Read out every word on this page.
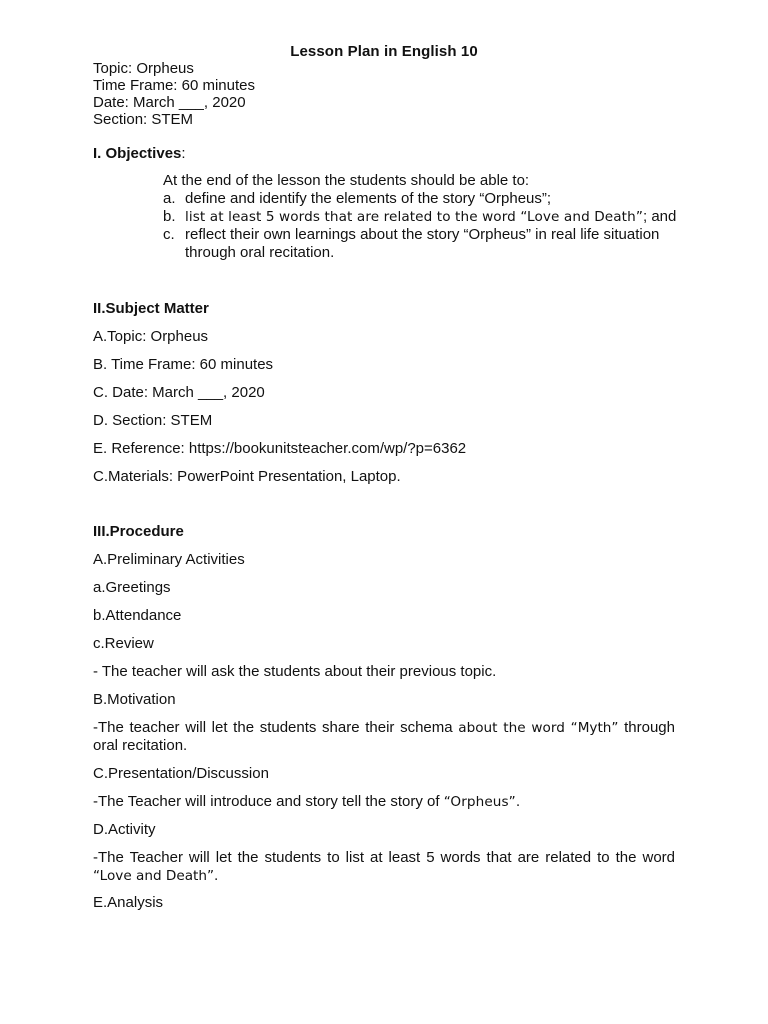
Lesson Plan in English 10
Topic: Orpheus
Time Frame: 60 minutes
Date: March ___, 2020
Section: STEM
I. Objectives:
At the end of the lesson the students should be able to:
a. define and identify the elements of the story “Orpheus”;
b. list at least 5 words that are related to the word “Love and Death”; and
c. reflect their own learnings about the story “Orpheus” in real life situation
through oral recitation.
II.Subject Matter
A.Topic: Orpheus
B. Time Frame: 60 minutes
C. Date: March ___, 2020
D. Section: STEM
E. Reference: https://bookunitsteacher.com/wp/?p=6362
C.Materials: PowerPoint Presentation, Laptop.
III.Procedure
A.Preliminary Activities
a.Greetings
b.Attendance
c.Review
- The teacher will ask the students about their previous topic.
B.Motivation
-The teacher will let the students share their schema about the word “Myth” through oral recitation.
C.Presentation/Discussion
-The Teacher will introduce and story tell the story of “Orpheus”.
D.Activity
-The Teacher will let the students to list at least 5 words that are related to the word “Love and Death”.
E.Analysis
